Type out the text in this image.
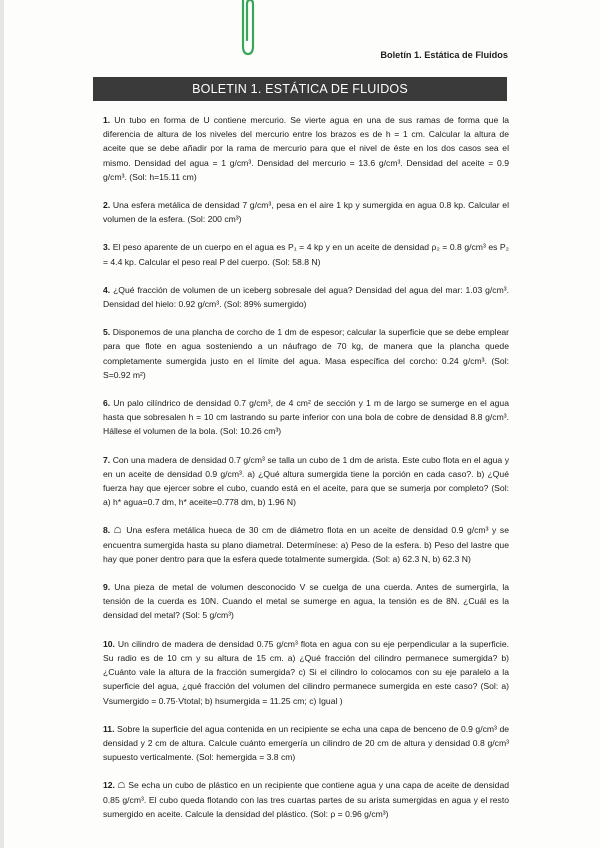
Boletín 1. Estática de Fluidos
BOLETIN 1. ESTÁTICA DE FLUIDOS
1. Un tubo en forma de U contiene mercurio. Se vierte agua en una de sus ramas de forma que la diferencia de altura de los niveles del mercurio entre los brazos es de h = 1 cm. Calcular la altura de aceite que se debe añadir por la rama de mercurio para que el nivel de éste en los dos casos sea el mismo. Densidad del agua = 1 g/cm³. Densidad del mercurio = 13.6 g/cm³. Densidad del aceite = 0.9 g/cm³. (Sol: h=15.11 cm)
2. Una esfera metálica de densidad 7 g/cm³, pesa en el aire 1 kp y sumergida en agua 0.8 kp. Calcular el volumen de la esfera. (Sol: 200 cm³)
3. El peso aparente de un cuerpo en el agua es P₁ = 4 kp y en un aceite de densidad ρ₂ = 0.8 g/cm³ es P₂ = 4.4 kp. Calcular el peso real P del cuerpo. (Sol: 58.8 N)
4. ¿Qué fracción de volumen de un iceberg sobresale del agua? Densidad del agua del mar: 1.03 g/cm³. Densidad del hielo: 0.92 g/cm³. (Sol: 89% sumergido)
5. Disponemos de una plancha de corcho de 1 dm de espesor; calcular la superficie que se debe emplear para que flote en agua sosteniendo a un náufrago de 70 kg, de manera que la plancha quede completamente sumergida justo en el límite del agua. Masa específica del corcho: 0.24 g/cm³. (Sol: S=0.92 m²)
6. Un palo cilíndrico de densidad 0.7 g/cm³, de 4 cm² de sección y 1 m de largo se sumerge en el agua hasta que sobresalen h = 10 cm lastrando su parte inferior con una bola de cobre de densidad 8.8 g/cm³. Hállese el volumen de la bola. (Sol: 10.26 cm³)
7. Con una madera de densidad 0.7 g/cm³ se talla un cubo de 1 dm de arista. Este cubo flota en el agua y en un aceite de densidad 0.9 g/cm³. a) ¿Qué altura sumergida tiene la porción en cada caso?. b) ¿Qué fuerza hay que ejercer sobre el cubo, cuando está en el aceite, para que se sumerja por completo? (Sol: a) h* agua=0.7 dm, h* aceite=0.778 dm, b) 1.96 N)
8. ☖ Una esfera metálica hueca de 30 cm de diámetro flota en un aceite de densidad 0.9 g/cm³ y se encuentra sumergida hasta su plano diametral. Determínese: a) Peso de la esfera. b) Peso del lastre que hay que poner dentro para que la esfera quede totalmente sumergida. (Sol: a) 62.3 N, b) 62.3 N)
9. Una pieza de metal de volumen desconocido V se cuelga de una cuerda. Antes de sumergirla, la tensión de la cuerda es 10N. Cuando el metal se sumerge en agua, la tensión es de 8N. ¿Cuál es la densidad del metal? (Sol: 5 g/cm³)
10. Un cilindro de madera de densidad 0.75 g/cm³ flota en agua con su eje perpendicular a la superficie. Su radio es de 10 cm y su altura de 15 cm. a) ¿Qué fracción del cilindro permanece sumergida? b) ¿Cuánto vale la altura de la fracción sumergida? c) Si el cilindro lo colocamos con su eje paralelo a la superficie del agua, ¿qué fracción del volumen del cilindro permanece sumergida en este caso? (Sol: a) Vsumergido = 0.75·Vtotal; b) hsumergida = 11.25 cm; c) Igual )
11. Sobre la superficie del agua contenida en un recipiente se echa una capa de benceno de 0.9 g/cm³ de densidad y 2 cm de altura. Calcule cuánto emergería un cilindro de 20 cm de altura y densidad 0.8 g/cm³ supuesto verticalmente. (Sol: hemergida = 3.8 cm)
12. ☖ Se echa un cubo de plástico en un recipiente que contiene agua y una capa de aceite de densidad 0.85 g/cm³. El cubo queda flotando con las tres cuartas partes de su arista sumergidas en agua y el resto sumergido en aceite. Calcule la densidad del plástico. (Sol: ρ = 0.96 g/cm³)
